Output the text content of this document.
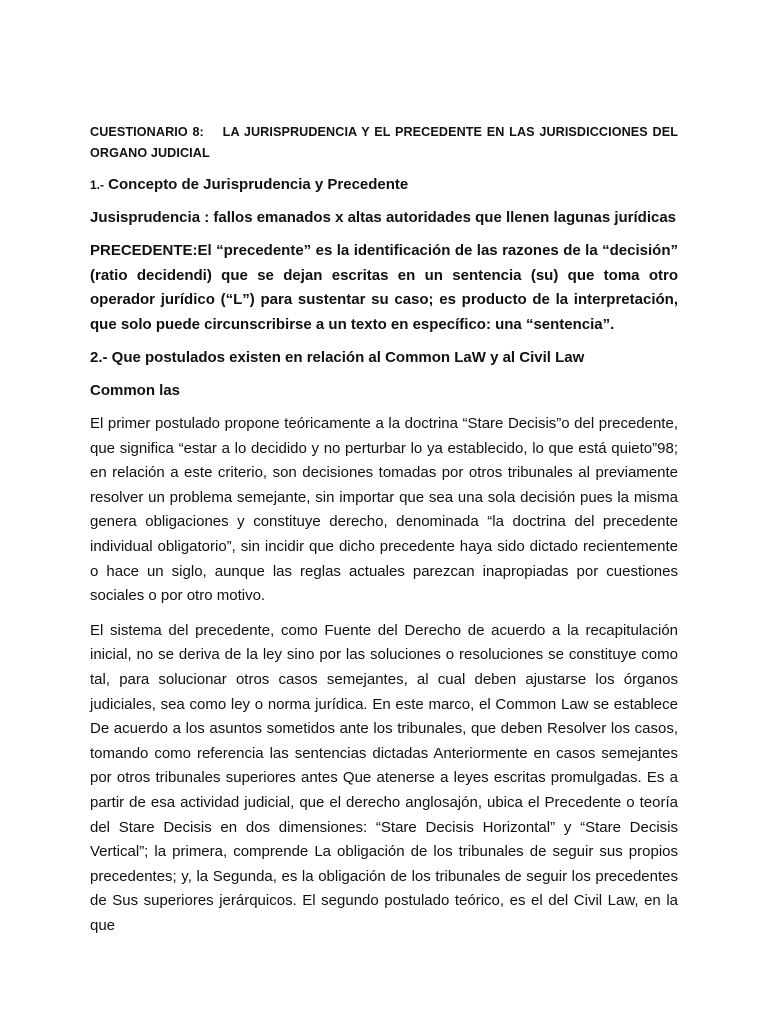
CUESTIONARIO 8:    LA JURISPRUDENCIA Y EL PRECEDENTE EN LAS JURISDICCIONES DEL ORGANO JUDICIAL

1.- Concepto de Jurisprudencia y Precedente

Jusisprudencia : fallos emanados x altas autoridades que llenen lagunas jurídicas

PRECEDENTE:El “precedente” es la identificación de las razones de la “decisión” (ratio decidendi) que se dejan escritas en un sentencia (su) que toma otro operador jurídico (“L”) para sustentar su caso; es producto de la interpretación, que solo puede circunscribirse a un texto en específico: una “sentencia”.

2.- Que postulados existen en relación al Common LaW y al Civil Law

Common las

El primer postulado propone teóricamente a la doctrina “Stare Decisis”o del precedente, que significa “estar a lo decidido y no perturbar lo ya establecido, lo que está quieto”98; en relación a este criterio, son decisiones tomadas por otros tribunales al previamente resolver un problema semejante, sin importar que sea una sola decisión pues la misma genera obligaciones y constituye derecho, denominada “la doctrina del precedente individual obligatorio”, sin incidir que dicho precedente haya sido dictado recientemente o hace un siglo, aunque las reglas actuales parezcan inapropiadas por cuestiones sociales o por otro motivo.

El sistema del precedente, como Fuente del Derecho de acuerdo a la recapitulación inicial, no se deriva de la ley sino por las soluciones o resoluciones se constituye como tal, para solucionar otros casos semejantes, al cual deben ajustarse los órganos judiciales, sea como ley o norma jurídica. En este marco, el Common Law se establece De acuerdo a los asuntos sometidos ante los tribunales, que deben Resolver los casos, tomando como referencia las sentencias dictadas Anteriormente en casos semejantes por otros tribunales superiores antes Que atenerse a leyes escritas promulgadas. Es a partir de esa actividad judicial, que el derecho anglosajón, ubica el Precedente o teoría del Stare Decisis en dos dimensiones: “Stare Decisis Horizontal” y “Stare Decisis Vertical”; la primera, comprende La obligación de los tribunales de seguir sus propios precedentes; y, la Segunda, es la obligación de los tribunales de seguir los precedentes de Sus superiores jerárquicos. El segundo postulado teórico, es el del Civil Law, en la que
